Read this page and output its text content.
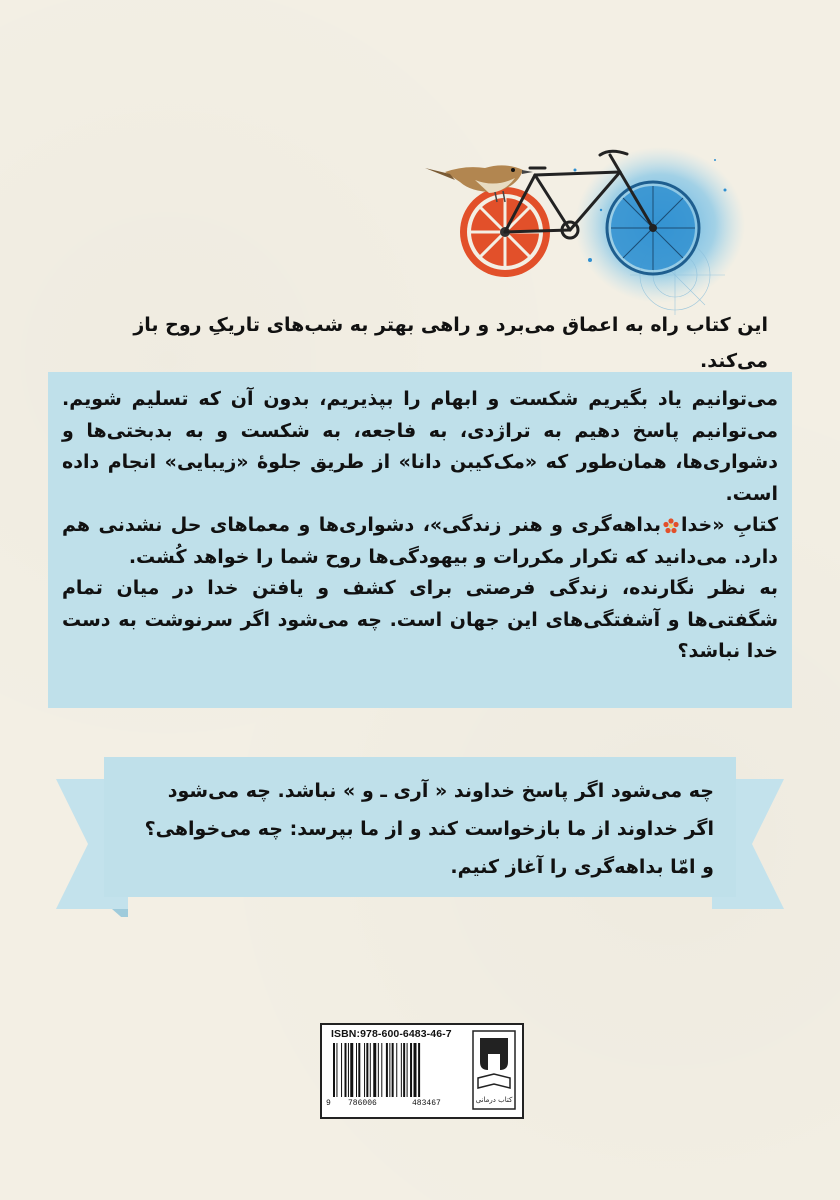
این کتاب راه به اعماق می‌برد و راهی بهتر به شب‌های تاریکِ روح باز می‌کند.

می‌توانیم یاد بگیریم شکست و ابهام را بپذیریم، بدون آن که تسلیم شویم. می‌توانیم پاسخ دهیم به تراژدی، به فاجعه، به شکست و به بدبختی‌ها و دشواری‌ها، همان‌طور که «مک‌کیبن دانا» از طریق جلوهٔ «زیبایی» انجام داده است.

کتابِ «خدابداهه‌گری و هنر زندگی»، دشواری‌ها و معماهای حل نشدنی هم دارد. می‌دانید که تکرار مکررات و بیهودگی‌ها روح شما را خواهد کُشت.

به نظر نگارنده، زندگی فرصتی برای کشف و یافتن خدا در میان تمام شگفتی‌ها و آشفتگی‌های این جهان است. چه می‌شود اگر سرنوشت به دست خدا نباشد؟

چه می‌شود اگر پاسخ خداوند « آری ـ و » نباشد. چه می‌شود

اگر خداوند از ما بازخواست کند و از ما بپرسد: چه می‌خواهی؟

و امّا بداهه‌گری را آغاز کنیم.

ISBN:978-600-6483-46-7
9 786006	483467	کتاب درمانی
